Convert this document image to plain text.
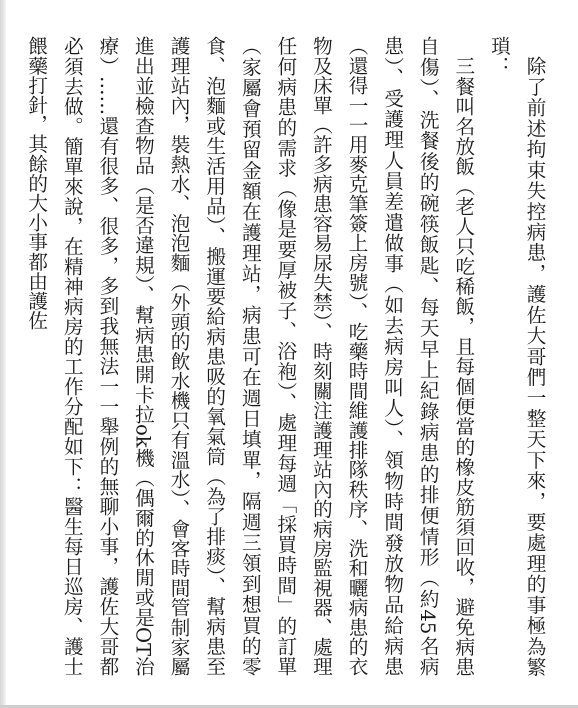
除了前述拘束失控病患，護佐大哥們一整天下來，要處理的事極為繁瑣：

三餐叫名放飯（老人只吃稀飯，且每個便當的橡皮筋須回收，避免病患自傷）、洗餐後的碗筷飯匙、每天早上紀錄病患的排便情形（約45名病患）、受護理人員差遣做事（如去病房叫人）、領物時間發放物品給病患（還得一一用麥克筆簽上房號）、吃藥時間維護排隊秩序、洗和曬病患的衣物及床單（許多病患容易尿失禁）、時刻關注護理站內的病房監視器、處理任何病患的需求（像是要厚被子、浴袍）、處理每週「採買時間」的訂單（家屬會預留金額在護理站，病患可在週日填單，隔週三領到想買的零食、泡麵或生活用品）、搬運要給病患吸的氧氣筒（為了排痰）、幫病患至護理站內，裝熱水、泡泡麵（外頭的飲水機只有溫水）、會客時間管制家屬進出並檢查物品（是否違規）、幫病患開卡拉ok機（偶爾的休閒或是OT治療）……還有很多、很多，多到我無法一一舉例的無聊小事，護佐大哥都必須去做。簡單來說，在精神病房的工作分配如下：醫生每日巡房、護士餵藥打針，其餘的大小事都由護佐
